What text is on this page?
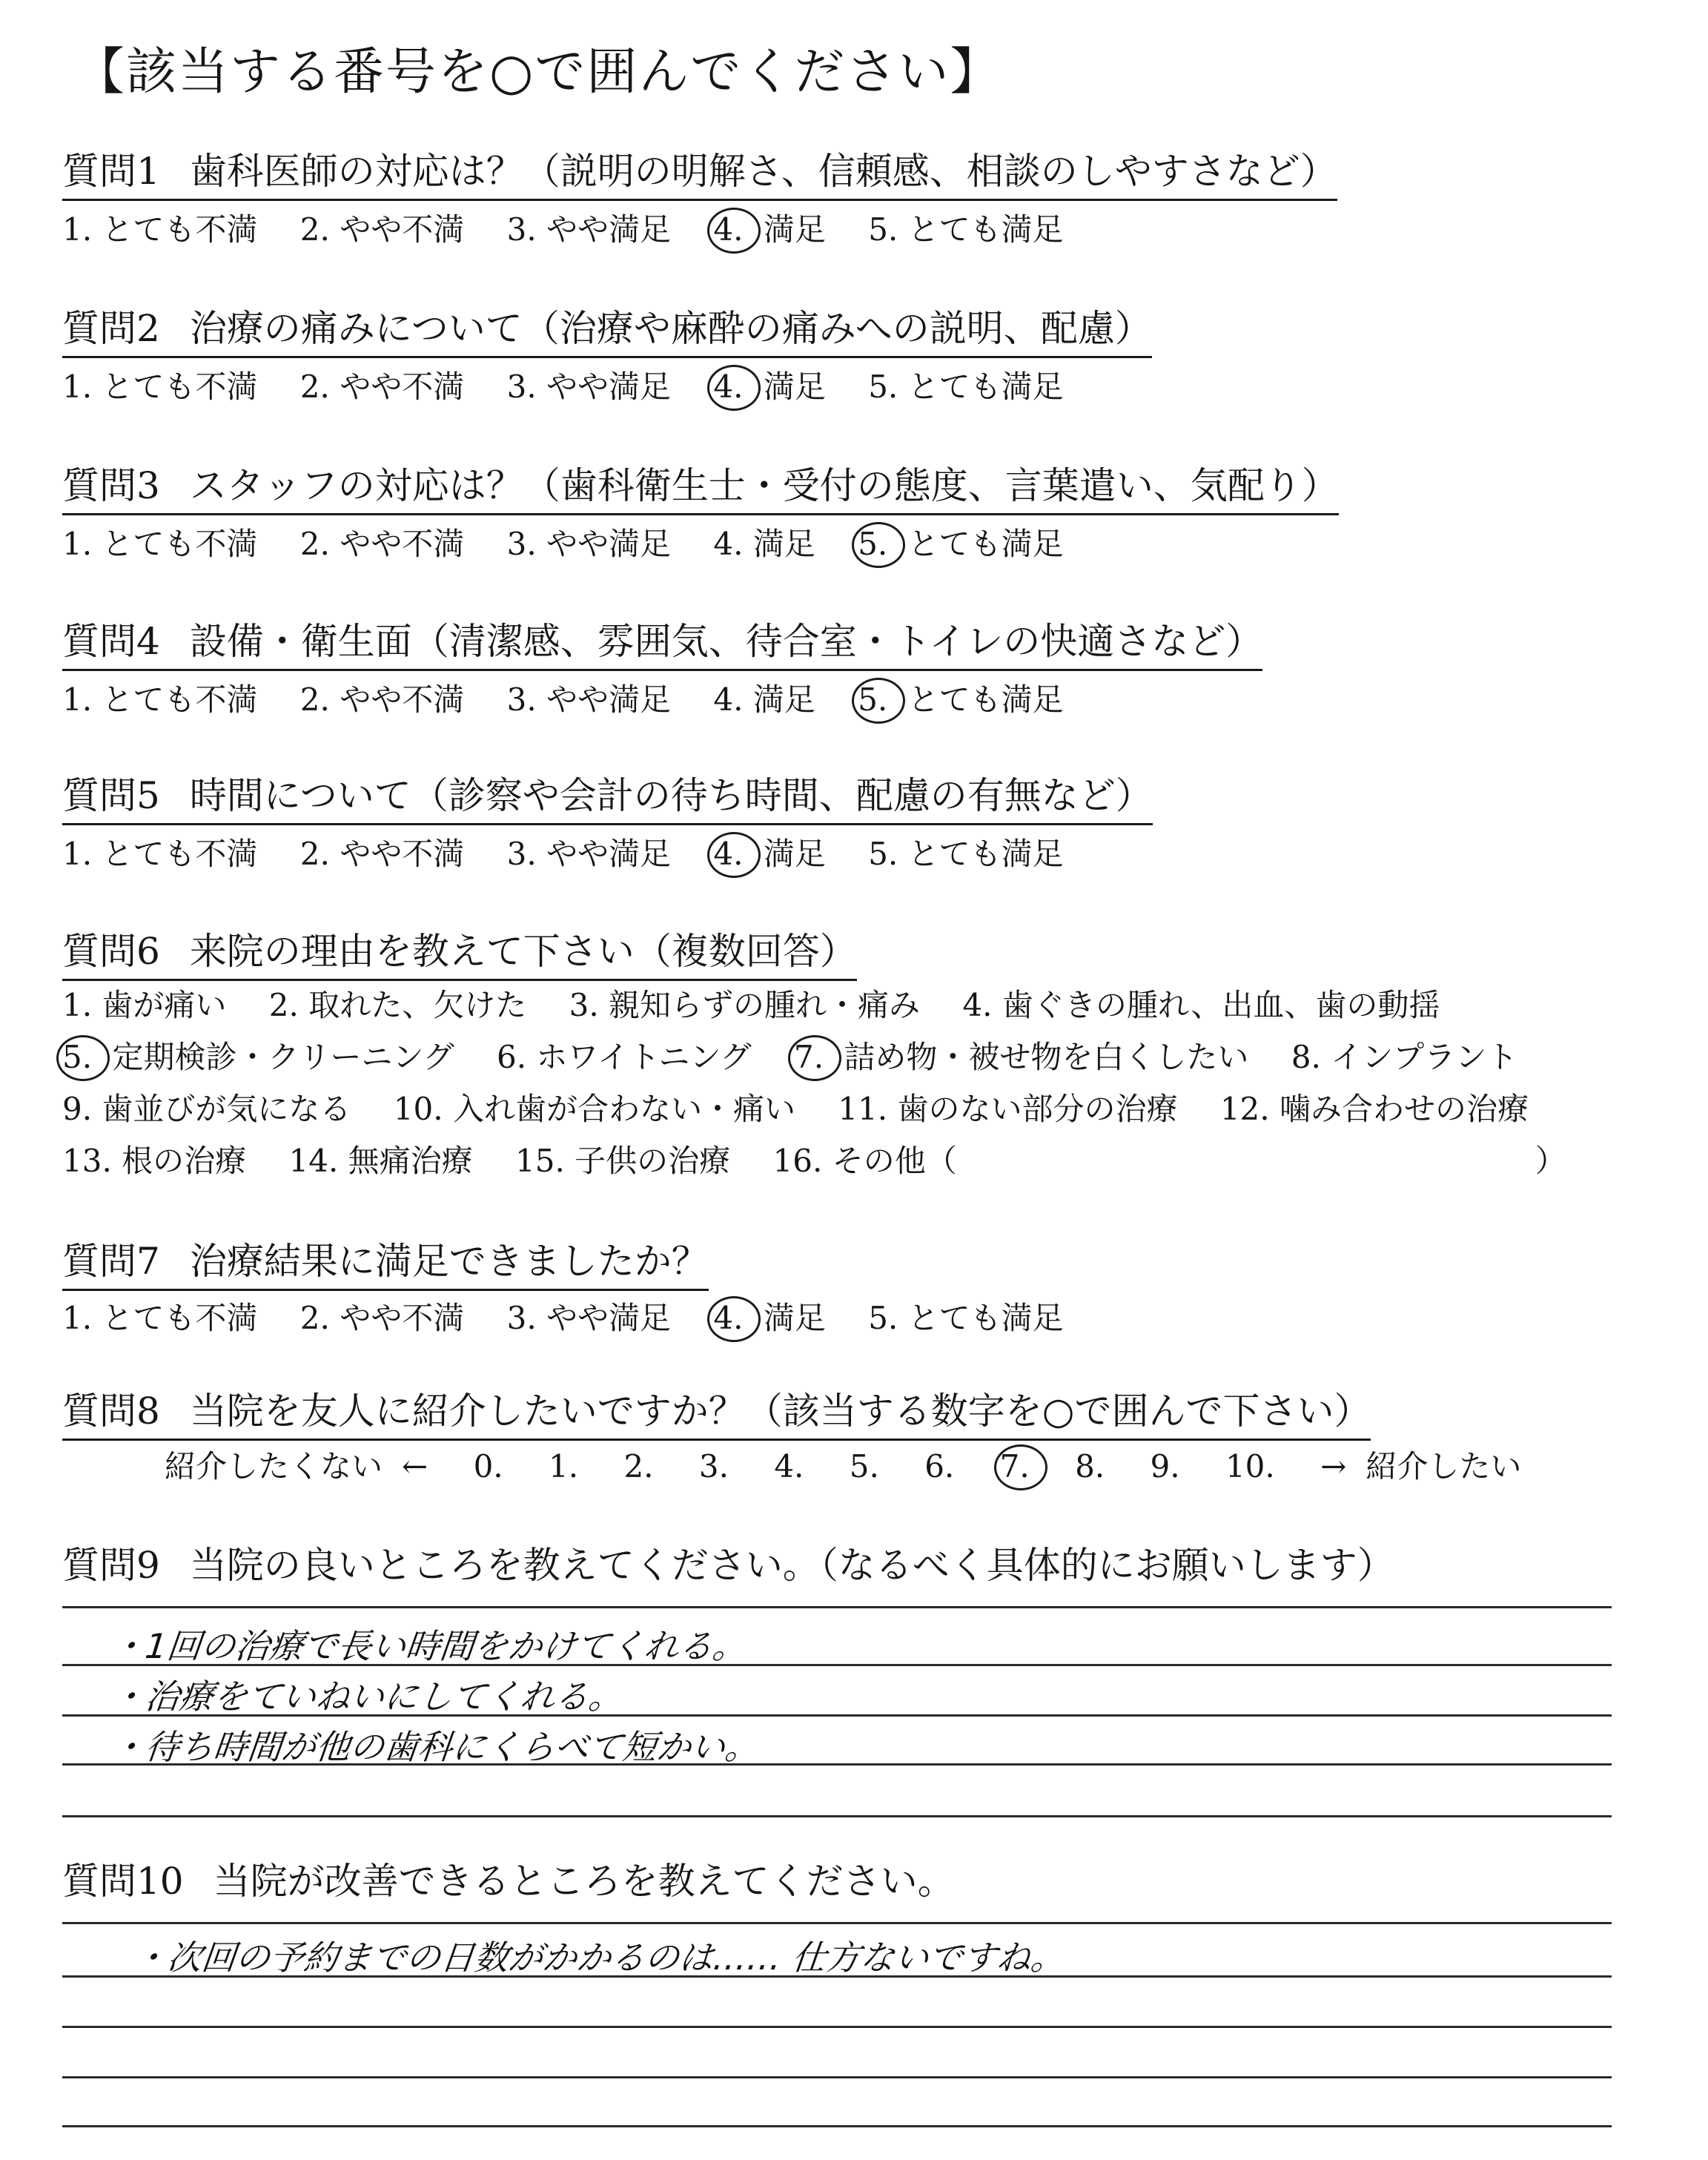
【該当する番号を○で囲んでください】
質問1 歯科医師の対応は？（説明の明解さ、信頼感、相談のしやすさなど）
1. とても不満 2. やや不満 3. やや満足 4. 満足 5. とても満足
質問2 治療の痛みについて（治療や麻酔の痛みへの説明、配慮）
1. とても不満 2. やや不満 3. やや満足 4. 満足 5. とても満足
質問3 スタッフの対応は？（歯科衛生士・受付の態度、言葉遣い、気配り）
1. とても不満 2. やや不満 3. やや満足 4. 満足 5. とても満足
質問4 設備・衛生面（清潔感、雰囲気、待合室・トイレの快適さなど）
1. とても不満 2. やや不満 3. やや満足 4. 満足 5. とても満足
質問5 時間について（診察や会計の待ち時間、配慮の有無など）
1. とても不満 2. やや不満 3. やや満足 4. 満足 5. とても満足
質問6 来院の理由を教えて下さい（複数回答）
1. 歯が痛い 2. 取れた、欠けた 3. 親知らずの腫れ・痛み 4. 歯ぐきの腫れ、出血、歯の動揺
5. 定期検診・クリーニング 6. ホワイトニング 7. 詰め物・被せ物を白くしたい 8. インプラント
9. 歯並びが気になる 10. 入れ歯が合わない・痛い 11. 歯のない部分の治療 12. 噛み合わせの治療
13. 根の治療 14. 無痛治療 15. 子供の治療 16. その他（	）
質問7 治療結果に満足できましたか？
1. とても不満 2. やや不満 3. やや満足 4. 満足 5. とても満足
質問8 当院を友人に紹介したいですか？（該当する数字を○で囲んで下さい）
紹介したくない ← 0. 1. 2. 3. 4. 5. 6. 7. 8. 9. 10. → 紹介したい
質問9 当院の良いところを教えてください。（なるべく具体的にお願いします）
・1回の治療で長い時間をかけてくれる。
・治療をていねいにしてくれる。
・待ち時間が他の歯科にくらべて短かい。
質問10 当院が改善できるところを教えてください。
・次回の予約までの日数がかかるのは‥‥‥ 仕方ないですね。
